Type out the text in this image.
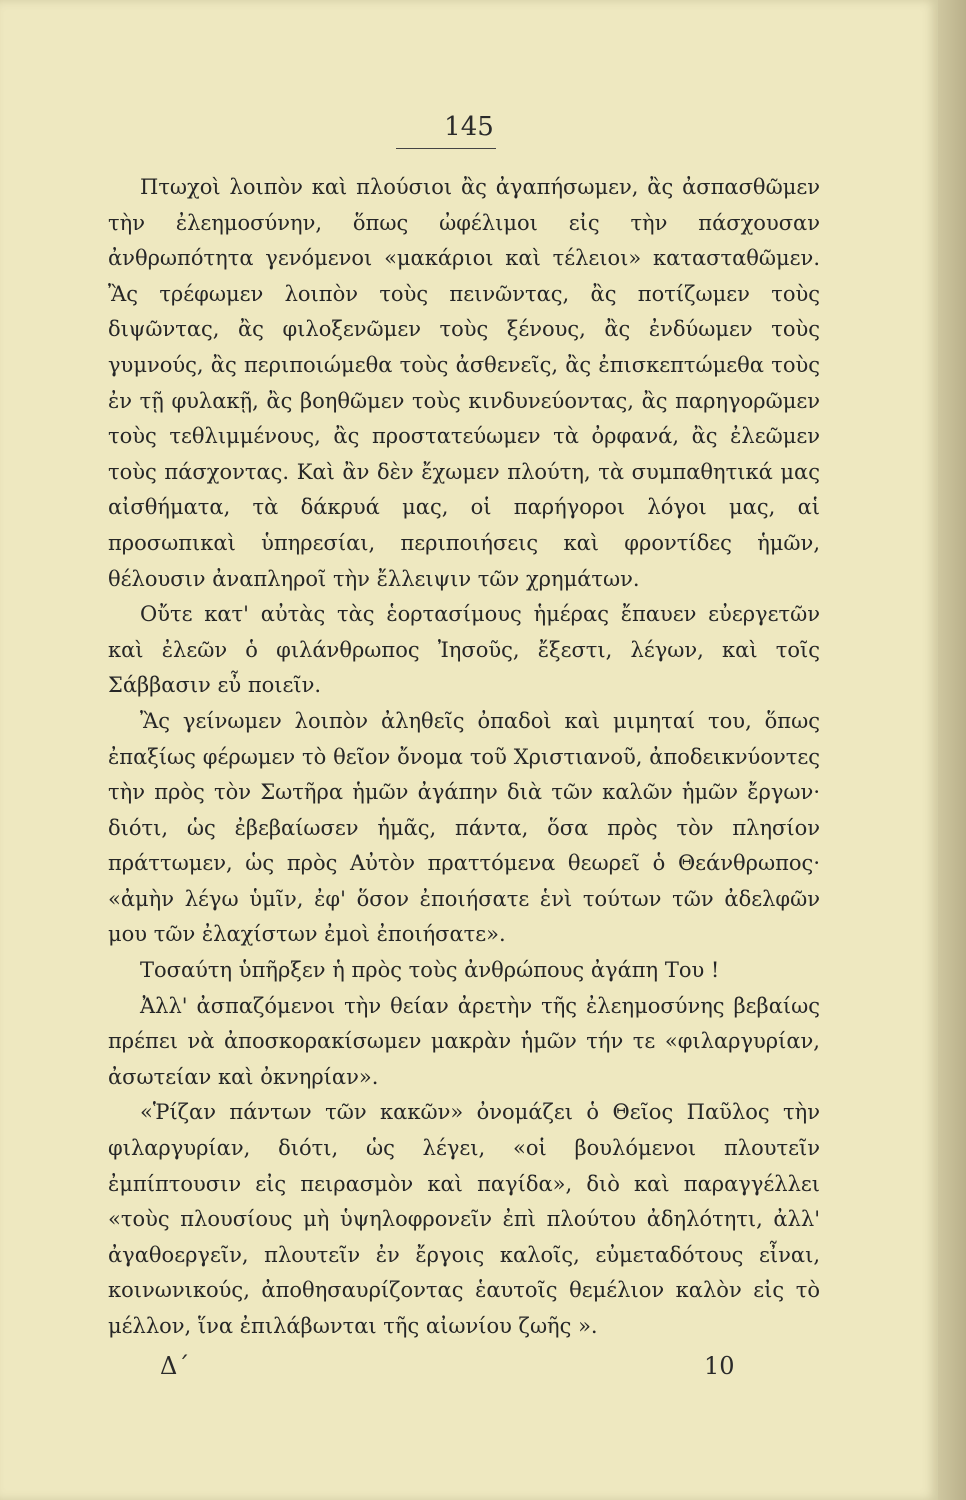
145

Πτωχοὶ λοιπὸν καὶ πλούσιοι ἂς ἀγαπήσωμεν, ἂς ἀσπασθῶμεν τὴν ἐλεημοσύνην, ὅπως ὠφέλιμοι εἰς τὴν πάσχουσαν ἀνθρωπότητα γενόμενοι «μακάριοι καὶ τέλειοι» κατασταθῶμεν. Ἂς τρέφωμεν λοιπὸν τοὺς πεινῶντας, ἂς ποτίζωμεν τοὺς διψῶντας, ἂς φιλοξενῶμεν τοὺς ξένους, ἂς ἐνδύωμεν τοὺς γυμνούς, ἂς περιποιώμεθα τοὺς ἀσθενεῖς, ἂς ἐπισκεπτώμεθα τοὺς ἐν τῇ φυλακῇ, ἂς βοηθῶμεν τοὺς κινδυνεύοντας, ἂς παρηγορῶμεν τοὺς τεθλιμμένους, ἂς προστατεύωμεν τὰ ὀρφανά, ἂς ἐλεῶμεν τοὺς πάσχοντας. Καὶ ἂν δὲν ἔχωμεν πλούτη, τὰ συμπαθητικά μας αἰσθήματα, τὰ δάκρυά μας, οἱ παρήγοροι λόγοι μας, αἱ προσωπικαὶ ὑπηρεσίαι, περιποιήσεις καὶ φροντίδες ἡμῶν, θέλουσιν ἀναπληροῖ τὴν ἔλλειψιν τῶν χρημάτων.

Οὔτε κατ' αὐτὰς τὰς ἑορτασίμους ἡμέρας ἔπαυεν εὐεργετῶν καὶ ἐλεῶν ὁ φιλάνθρωπος Ἰησοῦς, ἔξεστι, λέγων, καὶ τοῖς Σάββασιν εὖ ποιεῖν.

Ἂς γείνωμεν λοιπὸν ἀληθεῖς ὀπαδοὶ καὶ μιμηταί του, ὅπως ἐπαξίως φέρωμεν τὸ θεῖον ὄνομα τοῦ Χριστιανοῦ, ἀποδεικνύοντες τὴν πρὸς τὸν Σωτῆρα ἡμῶν ἀγάπην διὰ τῶν καλῶν ἡμῶν ἔργων· διότι, ὡς ἐβεβαίωσεν ἡμᾶς, πάντα, ὅσα πρὸς τὸν πλησίον πράττωμεν, ὡς πρὸς Αὐτὸν πραττόμενα θεωρεῖ ὁ Θεάνθρωπος· «ἀμὴν λέγω ὑμῖν, ἐφ' ὅσον ἐποιήσατε ἑνὶ τούτων τῶν ἀδελφῶν μου τῶν ἐλαχίστων ἐμοὶ ἐποιήσατε».

Τοσαύτη ὑπῆρξεν ἡ πρὸς τοὺς ἀνθρώπους ἀγάπη Του !

Ἀλλ' ἀσπαζόμενοι τὴν θείαν ἀρετὴν τῆς ἐλεημοσύνης βεβαίως πρέπει νὰ ἀποσκορακίσωμεν μακρὰν ἡμῶν τήν τε «φιλαργυρίαν, ἀσωτείαν καὶ ὀκνηρίαν».

«Ῥίζαν πάντων τῶν κακῶν» ὀνομάζει ὁ Θεῖος Παῦλος τὴν φιλαργυρίαν, διότι, ὡς λέγει, «οἱ βουλόμενοι πλουτεῖν ἐμπίπτουσιν εἰς πειρασμὸν καὶ παγίδα», διὸ καὶ παραγγέλλει «τοὺς πλουσίους μὴ ὑψηλοφρονεῖν ἐπὶ πλούτου ἀδηλότητι, ἀλλ' ἀγαθοεργεῖν, πλουτεῖν ἐν ἔργοις καλοῖς, εὐμεταδότους εἶναι, κοινωνικούς, ἀποθησαυρίζοντας ἑαυτοῖς θεμέλιον καλὸν εἰς τὸ μέλλον, ἵνα ἐπιλάβωνται τῆς αἰωνίου ζωῆς ».

Δ΄	10
